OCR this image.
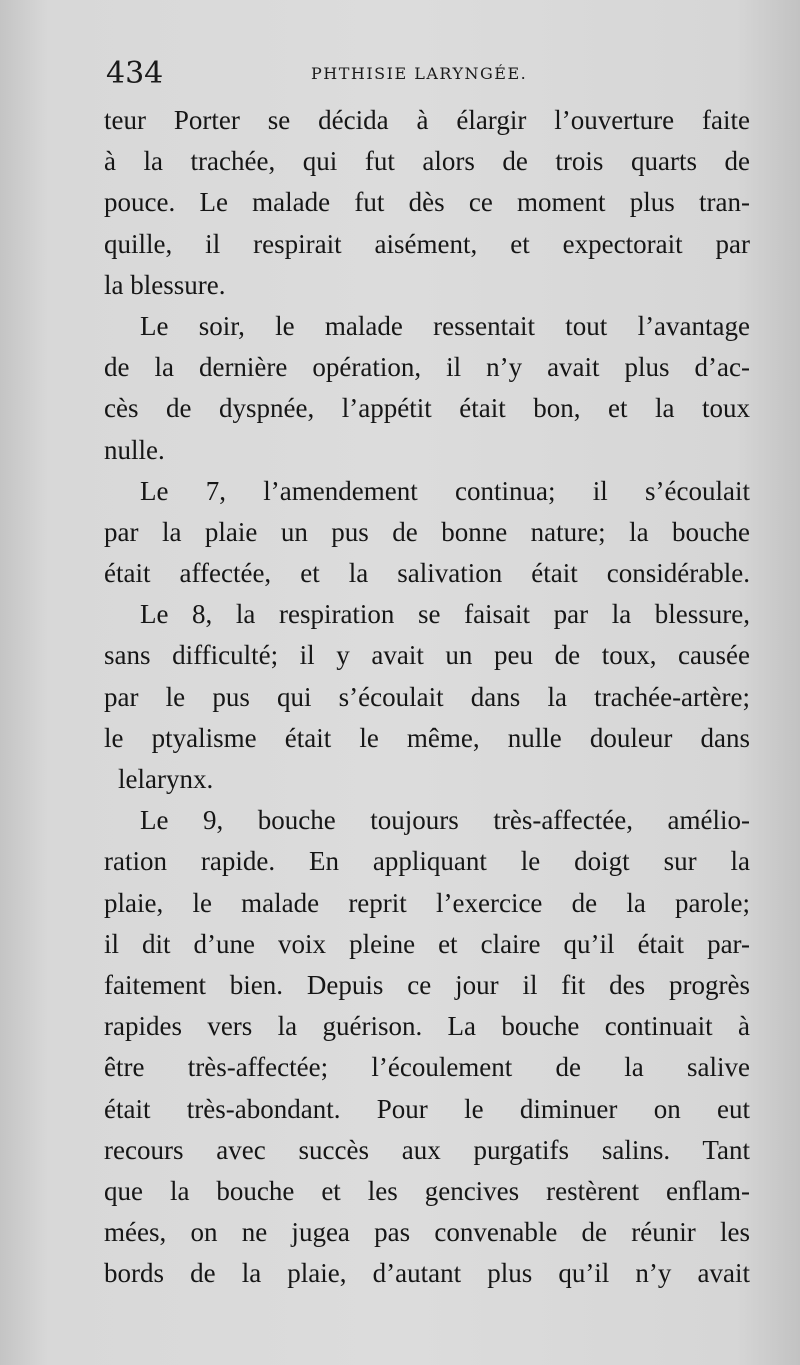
434	PHTHISIE LARYNGÉE.
teur Porter se décida à élargir l’ouverture faite
à la trachée, qui fut alors de trois quarts de
pouce. Le malade fut dès ce moment plus tran-
quille, il respirait aisément, et expectorait par
la blessure.
Le soir, le malade ressentait tout l’avantage
de la dernière opération, il n’y avait plus d’ac-
cès de dyspnée, l’appétit était bon, et la toux
nulle.
Le 7, l’amendement continua; il s’écoulait
par la plaie un pus de bonne nature; la bouche
était affectée, et la salivation était considérable.
Le 8, la respiration se faisait par la blessure,
sans difficulté; il y avait un peu de toux, causée
par le pus qui s’écoulait dans la trachée-artère;
le ptyalisme était le même, nulle douleur dans
lelarynx.
Le 9, bouche toujours très-affectée, amélio-
ration rapide. En appliquant le doigt sur la
plaie, le malade reprit l’exercice de la parole;
il dit d’une voix pleine et claire qu’il était par-
faitement bien. Depuis ce jour il fit des progrès
rapides vers la guérison. La bouche continuait à
être très-affectée; l’écoulement de la salive
était très-abondant. Pour le diminuer on eut
recours avec succès aux purgatifs salins. Tant
que la bouche et les gencives restèrent enflam-
mées, on ne jugea pas convenable de réunir les
bords de la plaie, d’autant plus qu’il n’y avait
